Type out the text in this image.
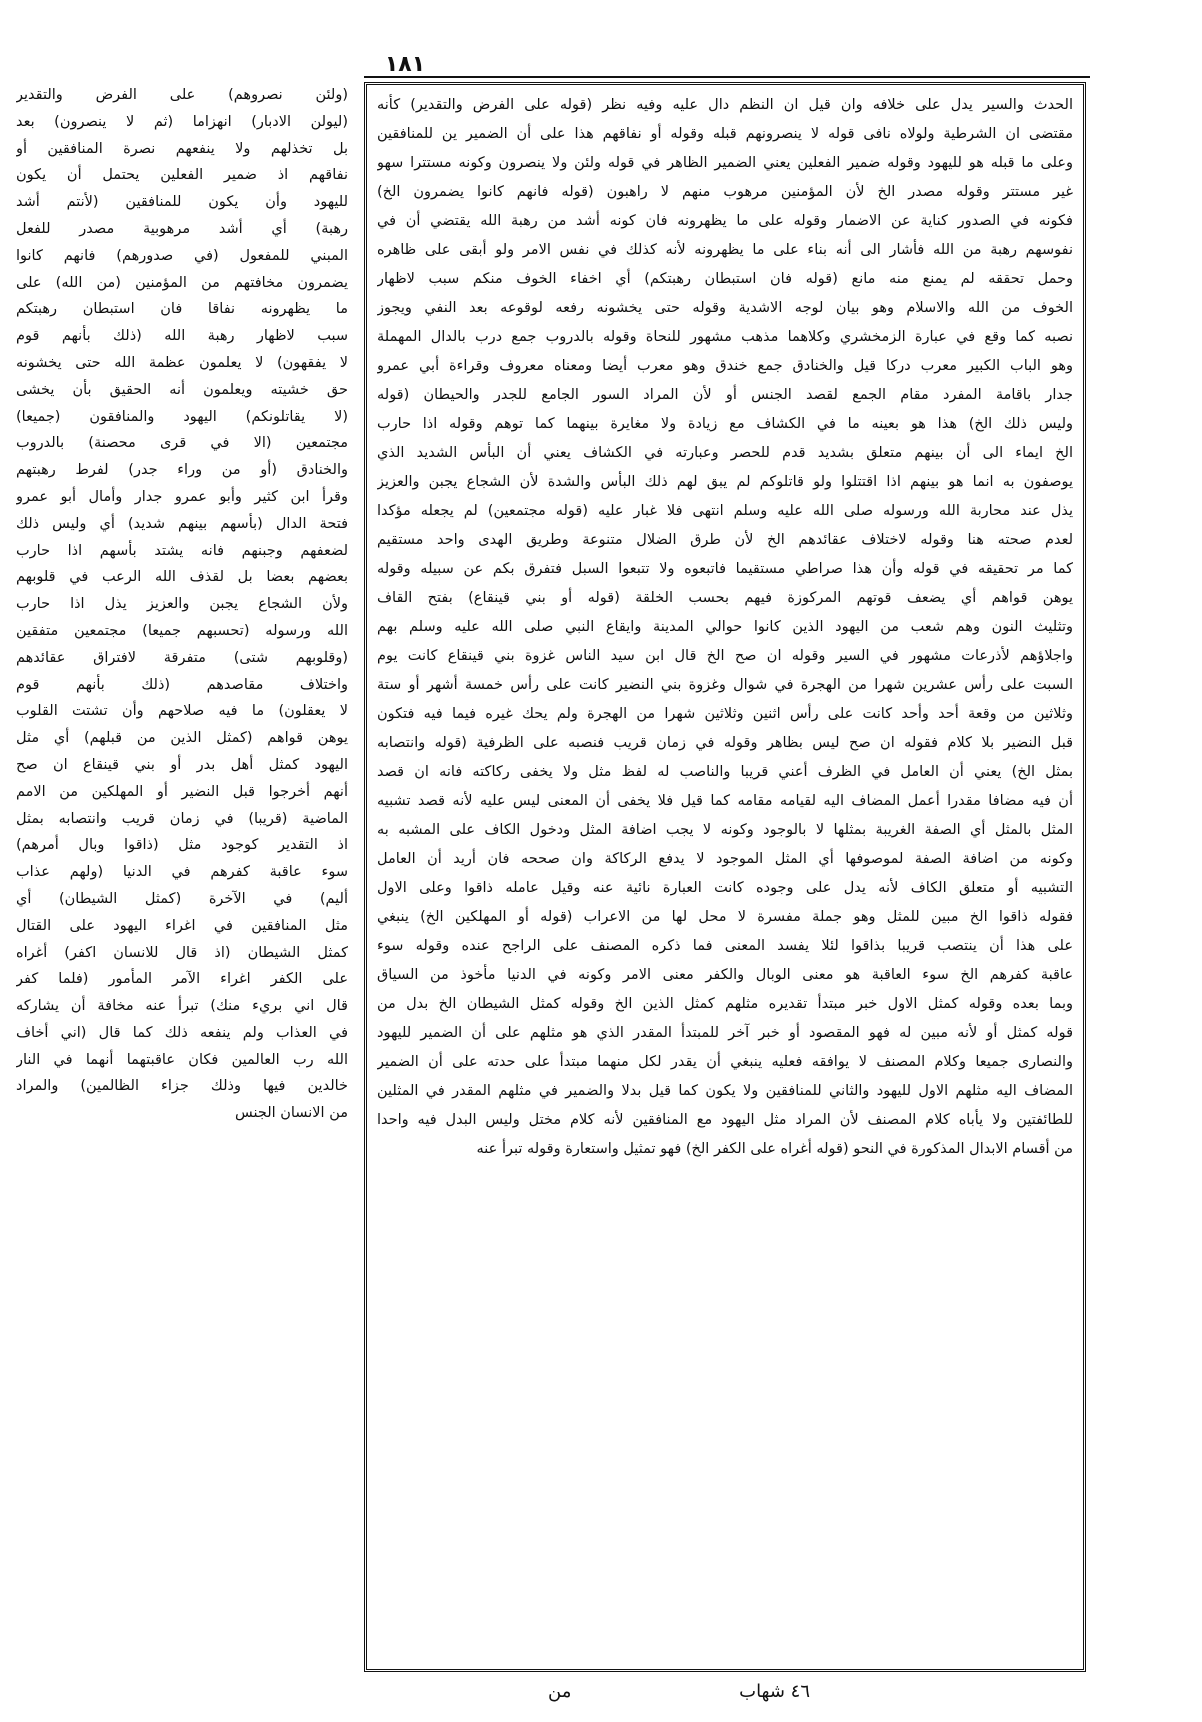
١٨١
الحدث والسير يدل على خلافه وان قيل ان النظم دال عليه وفيه نظر (قوله على الفرض والتقدير) كأنه
مقتضى ان الشرطية ولولاه نافى قوله لا ينصرونهم قبله وقوله أو نفاقهم هذا على أن الضمير ين للمنافقين
وعلى ما قبله هو لليهود وقوله ضمير الفعلين يعني الضمير الظاهر في قوله ولئن ولا ينصرون وكونه مستترا سهو
غير مستتر وقوله مصدر الخ لأن المؤمنين مرهوب منهم لا راهبون (قوله فانهم كانوا يضمرون الخ)
فكونه في الصدور كناية عن الاضمار وقوله على ما يظهرونه فان كونه أشد من رهبة الله يقتضي أن في
نفوسهم رهبة من الله فأشار الى أنه بناء على ما يظهرونه لأنه كذلك في نفس الامر ولو أبقى على ظاهره
وحمل تحققه لم يمنع منه مانع (قوله فان استبطان رهبتكم) أي اخفاء الخوف منكم سبب لاظهار
الخوف من الله والاسلام وهو بيان لوجه الاشدية وقوله حتى يخشونه رفعه لوقوعه بعد النفي ويجوز
نصبه كما وقع في عبارة الزمخشري وكلاهما مذهب مشهور للنحاة وقوله بالدروب جمع درب بالدال المهملة
وهو الباب الكبير معرب دركا قيل والخنادق جمع خندق وهو معرب أيضا ومعناه معروف وقراءة أبي عمرو
جدار باقامة المفرد مقام الجمع لقصد الجنس أو لأن المراد السور الجامع للجدر والحيطان (قوله
وليس ذلك الخ) هذا هو بعينه ما في الكشاف مع زيادة ولا مغايرة بينهما كما توهم وقوله اذا حارب
الخ ايماء الى أن بينهم متعلق بشديد قدم للحصر وعبارته في الكشاف يعني أن البأس الشديد الذي
يوصفون به انما هو بينهم اذا اقتتلوا ولو قاتلوكم لم يبق لهم ذلك البأس والشدة لأن الشجاع يجبن والعزيز
يذل عند محاربة الله ورسوله صلى الله عليه وسلم انتهى فلا غبار عليه (قوله مجتمعين) لم يجعله مؤكدا
لعدم صحته هنا وقوله لاختلاف عقائدهم الخ لأن طرق الضلال متنوعة وطريق الهدى واحد مستقيم
كما مر تحقيقه في قوله وأن هذا صراطي مستقيما فاتبعوه ولا تتبعوا السبل فتفرق بكم عن سبيله وقوله
يوهن قواهم أي يضعف قوتهم المركوزة فيهم بحسب الخلقة (قوله أو بني قينقاع) بفتح القاف
وتثليث النون وهم شعب من اليهود الذين كانوا حوالي المدينة وايقاع النبي صلى الله عليه وسلم بهم
واجلاؤهم لأذرعات مشهور في السير وقوله ان صح الخ قال ابن سيد الناس غزوة بني قينقاع كانت يوم
السبت على رأس عشرين شهرا من الهجرة في شوال وغزوة بني النضير كانت على رأس خمسة أشهر أو ستة
وثلاثين من وقعة أحد وأحد كانت على رأس اثنين وثلاثين شهرا من الهجرة ولم يحك غيره فيما فيه فتكون
قبل النضير بلا كلام فقوله ان صح ليس بظاهر وقوله في زمان قريب فنصبه على الظرفية (قوله وانتصابه
بمثل الخ) يعني أن العامل في الظرف أعني قريبا والناصب له لفظ مثل ولا يخفى ركاكته فانه ان قصد
أن فيه مضافا مقدرا أعمل المضاف اليه لقيامه مقامه كما قيل فلا يخفى أن المعنى ليس عليه لأنه قصد تشبيه
المثل بالمثل أي الصفة الغريبة بمثلها لا بالوجود وكونه لا يجب اضافة المثل ودخول الكاف على المشبه به
وكونه من اضافة الصفة لموصوفها أي المثل الموجود لا يدفع الركاكة وان صححه فان أريد أن العامل
التشبيه أو متعلق الكاف لأنه يدل على وجوده كانت العبارة نائية عنه وقيل عامله ذاقوا وعلى الاول
فقوله ذاقوا الخ مبين للمثل وهو جملة مفسرة لا محل لها من الاعراب (قوله أو المهلكين الخ) ينبغي
على هذا أن ينتصب قريبا بذاقوا لئلا يفسد المعنى فما ذكره المصنف على الراجح عنده وقوله سوء
عاقبة كفرهم الخ سوء العاقبة هو معنى الوبال والكفر معنى الامر وكونه في الدنيا مأخوذ من السياق
وبما بعده وقوله كمثل الاول خبر مبتدأ تقديره مثلهم كمثل الذين الخ وقوله كمثل الشيطان الخ بدل من
قوله كمثل أو لأنه مبين له فهو المقصود أو خبر آخر للمبتدأ المقدر الذي هو مثلهم على أن الضمير لليهود
والنصارى جميعا وكلام المصنف لا يوافقه فعليه ينبغي أن يقدر لكل منهما مبتدأ على حدته على أن الضمير
المضاف اليه مثلهم الاول لليهود والثاني للمنافقين ولا يكون كما قيل بدلا والضمير في مثلهم المقدر في المثلين
للطائفتين ولا يأباه كلام المصنف لأن المراد مثل اليهود مع المنافقين لأنه كلام مختل وليس البدل فيه واحدا
من أقسام الابدال المذكورة في النحو (قوله أغراه على الكفر الخ) فهو تمثيل واستعارة وقوله تبرأ عنه
(ولئن نصروهم) على الفرض والتقدير
(ليولن الادبار) انهزاما (ثم لا ينصرون) بعد
بل تخذلهم ولا ينفعهم نصرة المنافقين أو
نفاقهم اذ ضمير الفعلين يحتمل أن يكون
لليهود وأن يكون للمنافقين (لأنتم أشد
رهبة) أي أشد مرهوبية مصدر للفعل
المبني للمفعول (في صدورهم) فانهم كانوا
يضمرون مخافتهم من المؤمنين (من الله) على
ما يظهرونه نفاقا فان استبطان رهبتكم
سبب لاظهار رهبة الله (ذلك بأنهم قوم
لا يفقهون) لا يعلمون عظمة الله حتى يخشونه
حق خشيته ويعلمون أنه الحقيق بأن يخشى
(لا يقاتلونكم) اليهود والمنافقون (جميعا)
مجتمعين (الا في قرى محصنة) بالدروب
والخنادق (أو من وراء جدر) لفرط رهبتهم
وقرأ ابن كثير وأبو عمرو جدار وأمال أبو عمرو
فتحة الدال (بأسهم بينهم شديد) أي وليس ذلك
لضعفهم وجبنهم فانه يشتد بأسهم اذا حارب
بعضهم بعضا بل لقذف الله الرعب في قلوبهم
ولأن الشجاع يجبن والعزيز يذل اذا حارب
الله ورسوله (تحسبهم جميعا) مجتمعين متفقين
(وقلوبهم شتى) متفرقة لافتراق عقائدهم
واختلاف مقاصدهم (ذلك بأنهم قوم
لا يعقلون) ما فيه صلاحهم وأن تشتت القلوب
يوهن قواهم (كمثل الذين من قبلهم) أي مثل
اليهود كمثل أهل بدر أو بني قينقاع ان صح
أنهم أخرجوا قبل النضير أو المهلكين من الامم
الماضية (قريبا) في زمان قريب وانتصابه بمثل
اذ التقدير كوجود مثل (ذاقوا وبال أمرهم)
سوء عاقبة كفرهم في الدنيا (ولهم عذاب
أليم) في الآخرة (كمثل الشيطان) أي
مثل المنافقين في اغراء اليهود على القتال
كمثل الشيطان (اذ قال للانسان اكفر) أغراه
على الكفر اغراء الآمر المأمور (فلما كفر
قال اني بريء منك) تبرأ عنه مخافة أن يشاركه
في العذاب ولم ينفعه ذلك كما قال (اني أخاف
الله رب العالمين فكان عاقبتهما أنهما في النار
خالدين فيها وذلك جزاء الظالمين) والمراد
من الانسان الجنس
٤٦ شهاب
من
